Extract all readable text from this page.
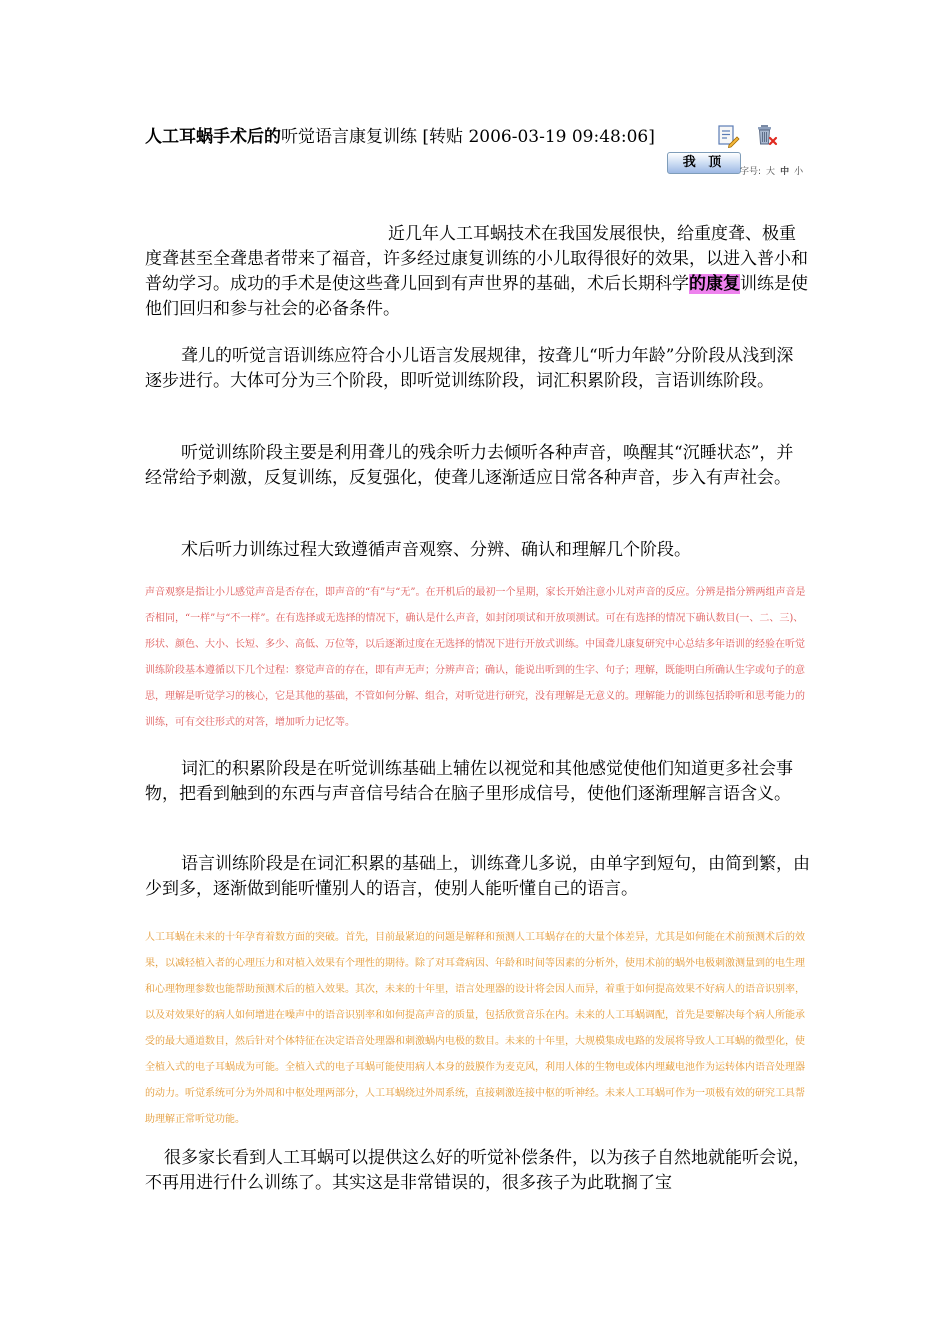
人工耳蜗手术后的听觉语言康复训练 [转贴 2006-03-19 09:48:06]
我 顶
字号: 大 中 小

近几年人工耳蜗技术在我国发展很快，给重度聋、极重度聋甚至全聋患者带来了福音，许多经过康复训练的小儿取得很好的效果，以进入普小和普幼学习。成功的手术是使这些聋儿回到有声世界的基础，术后长期科学的康复训练是使他们回归和参与社会的必备条件。

聋儿的听觉言语训练应符合小儿语言发展规律，按聋儿“听力年龄”分阶段从浅到深逐步进行。大体可分为三个阶段，即听觉训练阶段，词汇积累阶段，言语训练阶段。

听觉训练阶段主要是利用聋儿的残余听力去倾听各种声音，唤醒其“沉睡状态”，并经常给予刺激，反复训练，反复强化，使聋儿逐渐适应日常各种声音，步入有声社会。

术后听力训练过程大致遵循声音观察、分辨、确认和理解几个阶段。

声音观察是指让小儿感觉声音是否存在，即声音的“有”与“无”。在开机后的最初一个星期，家长开始注意小儿对声音的反应。分辨是指分辨两组声音是否相同，“一样”与“不一样”。在有选择或无选择的情况下，确认是什么声音，如封闭项试和开放项测试。可在有选择的情况下确认数目(一、二、三)、形状、颜色、大小、长短、多少、高低、万位等，以后逐渐过度在无选择的情况下进行开放式训练。中国聋儿康复研究中心总结多年语训的经验在听觉训练阶段基本遵循以下几个过程：察觉声音的存在，即有声无声；分辨声音；确认，能说出听到的生字、句子；理解，既能明白所确认生字或句子的意思，理解是听觉学习的核心，它是其他的基础，不管如何分解、组合，对听觉进行研究，没有理解是无意义的。理解能力的训练包括聆听和思考能力的训练，可有交往形式的对答，增加听力记忆等。

词汇的积累阶段是在听觉训练基础上辅佐以视觉和其他感觉使他们知道更多社会事物，把看到触到的东西与声音信号结合在脑子里形成信号，使他们逐渐理解言语含义。

语言训练阶段是在词汇积累的基础上，训练聋儿多说，由单字到短句，由简到繁，由少到多，逐渐做到能听懂别人的语言，使别人能听懂自己的语言。

人工耳蜗在未来的十年孕育着数方面的突破。首先，目前最紧迫的问题是解释和预测人工耳蜗存在的大量个体差异，尤其是如何能在术前预测术后的效果，以减轻植入者的心理压力和对植入效果有个理性的期待。除了对耳聋病因、年龄和时间等因素的分析外，使用术前的蜗外电极刺激测量到的电生理和心理物理参数也能帮助预测术后的植入效果。其次，未来的十年里，语言处理器的设计将会因人而异，着重于如何提高效果不好病人的语音识别率，以及对效果好的病人如何增进在噪声中的语音识别率和如何提高声音的质量，包括欣赏音乐在内。未来的人工耳蜗调配，首先是要解决每个病人所能承受的最大通道数目，然后针对个体特征在决定语音处理器和刺激蜗内电极的数目。未来的十年里，大规模集成电路的发展将导致人工耳蜗的微型化，使全植入式的电子耳蜗成为可能。全植入式的电子耳蜗可能使用病人本身的鼓膜作为麦克风，利用人体的生物电或体内埋藏电池作为运转体内语音处理器的动力。听觉系统可分为外周和中枢处理两部分，人工耳蜗绕过外周系统，直接刺激连接中枢的听神经。未来人工耳蜗可作为一项极有效的研究工具帮助理解正常听觉功能。

很多家长看到人工耳蜗可以提供这么好的听觉补偿条件，以为孩子自然地就能听会说，不再用进行什么训练了。其实这是非常错误的，很多孩子为此耽搁了宝
